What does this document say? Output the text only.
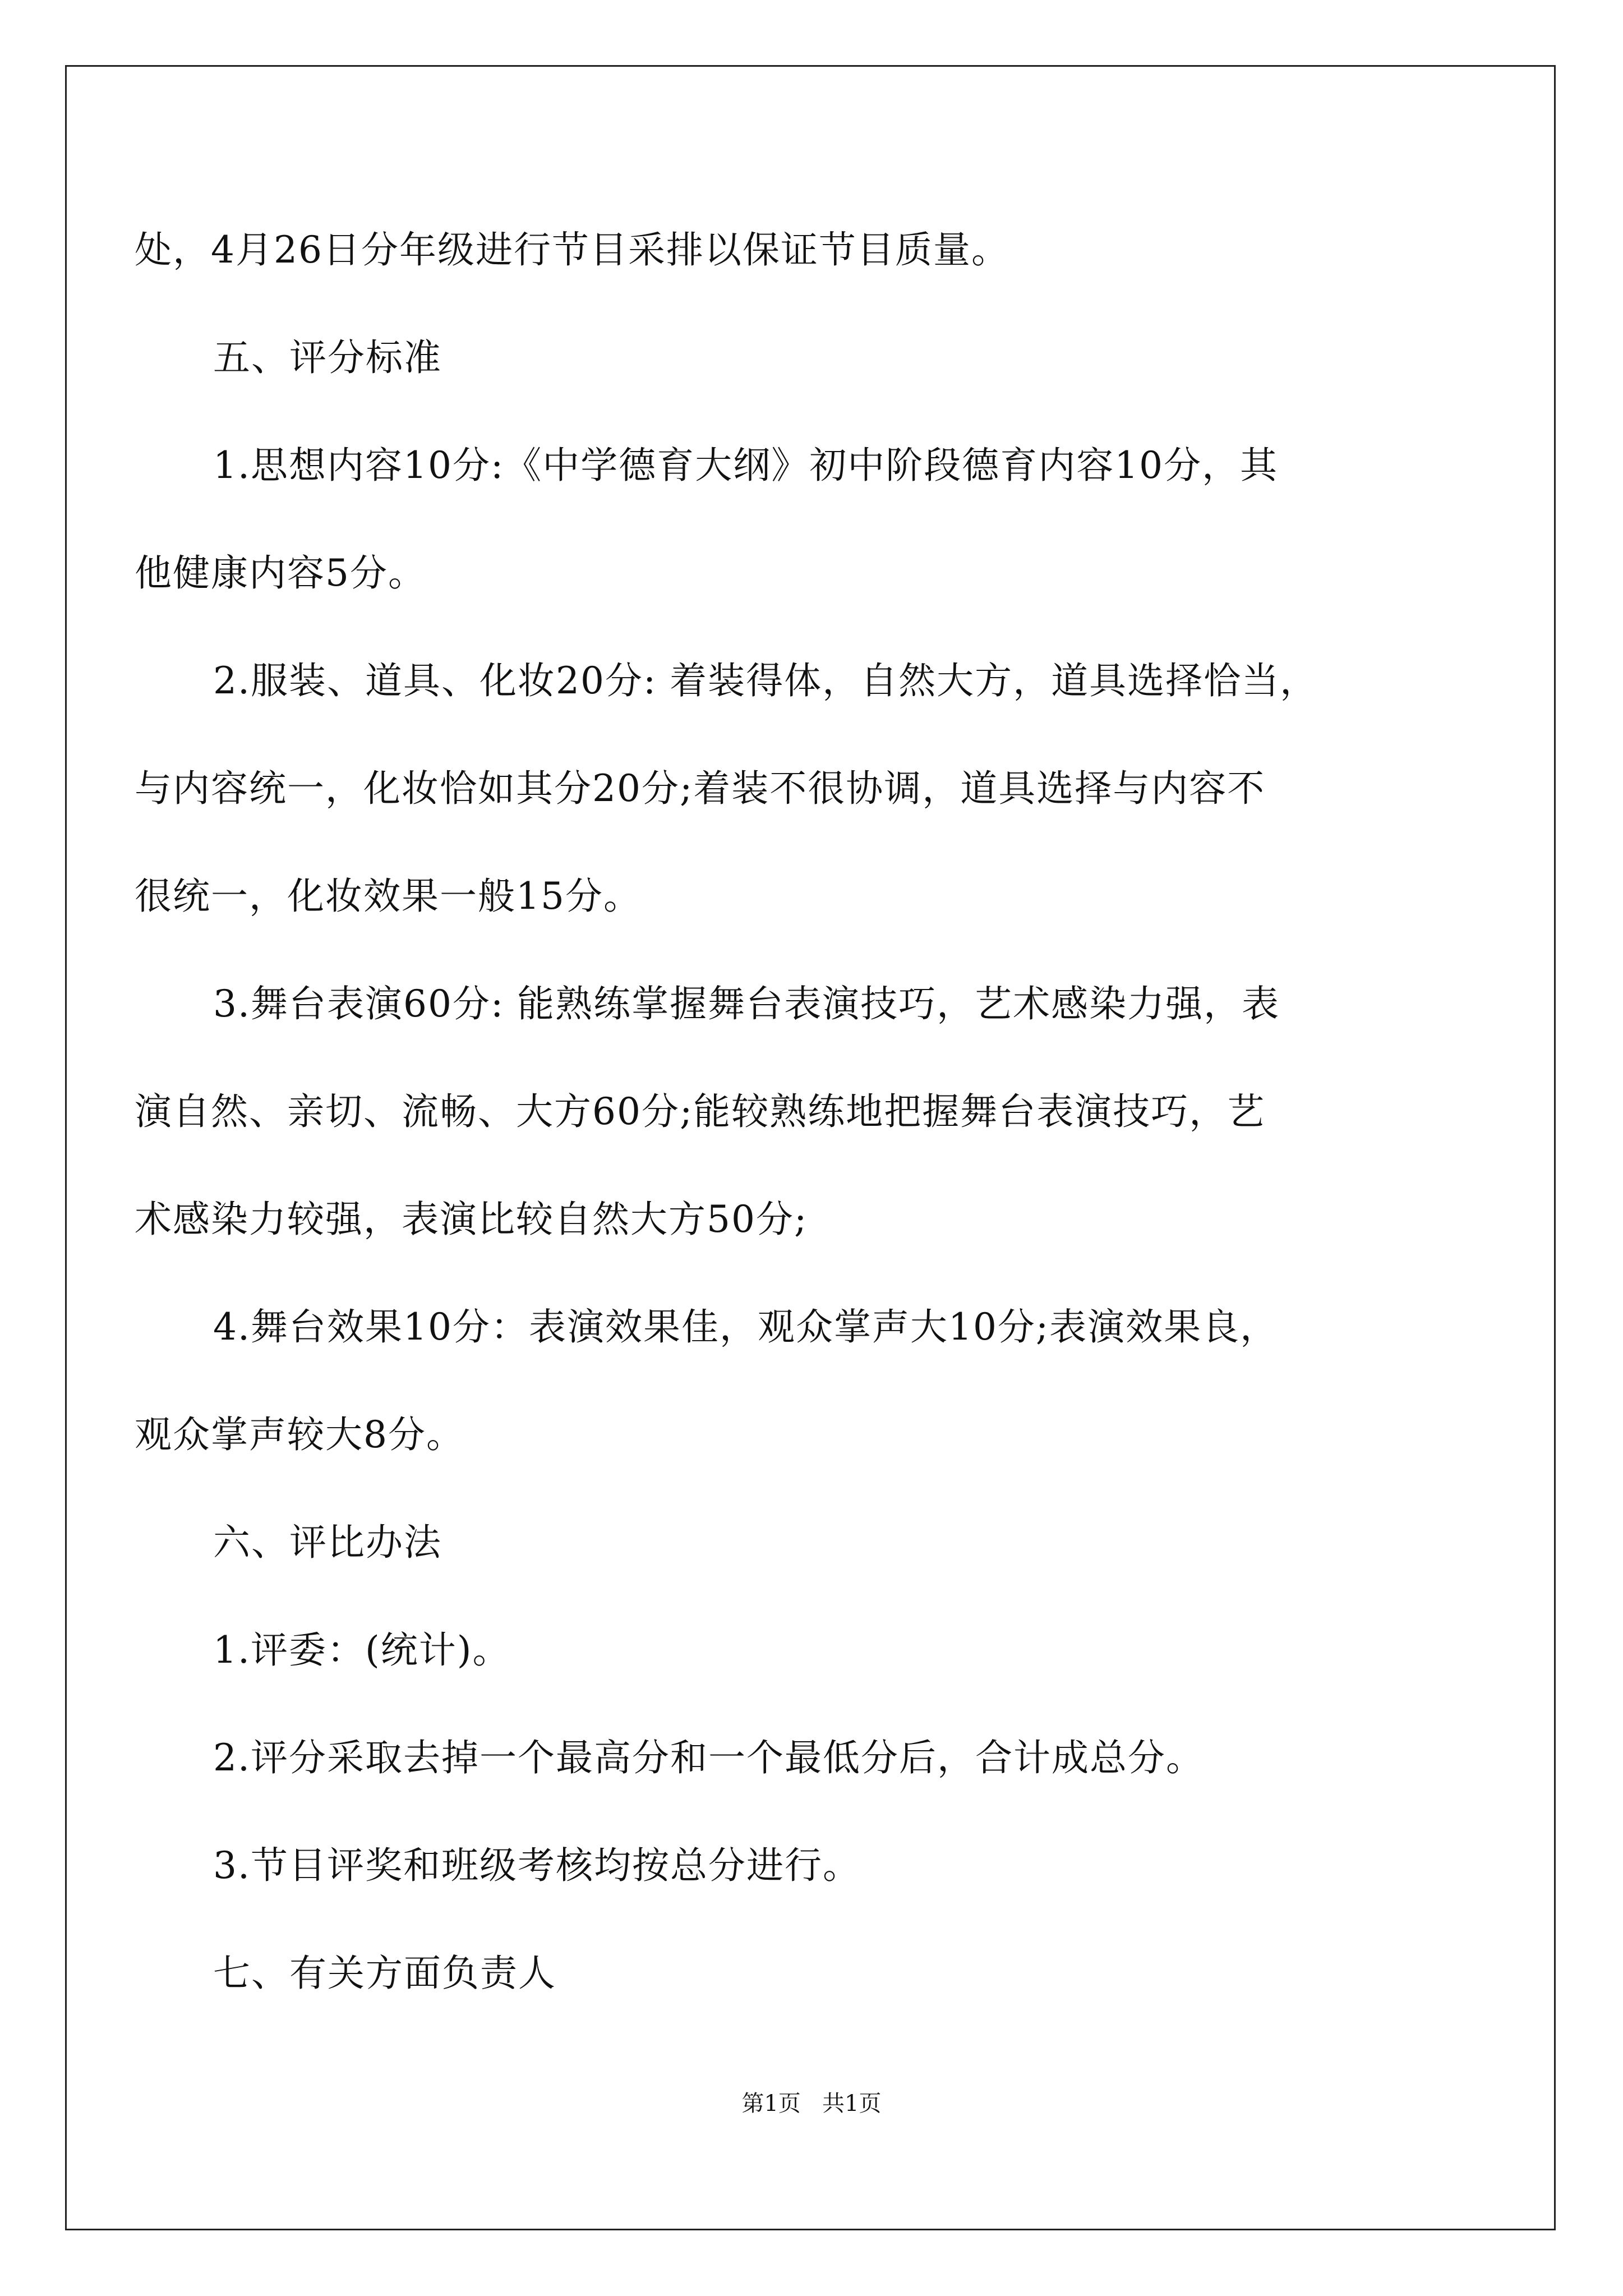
处，4月26日分年级进行节目采排以保证节目质量。
五、评分标准
1.思想内容10分:《中学德育大纲》初中阶段德育内容10分，其
他健康内容5分。
2.服装、道具、化妆20分: 着装得体，自然大方，道具选择恰当，
与内容统一，化妆恰如其分20分;着装不很协调，道具选择与内容不
很统一，化妆效果一般15分。
3.舞台表演60分: 能熟练掌握舞台表演技巧，艺术感染力强，表
演自然、亲切、流畅、大方60分;能较熟练地把握舞台表演技巧，艺
术感染力较强，表演比较自然大方50分;
4.舞台效果10分：表演效果佳，观众掌声大10分;表演效果良，
观众掌声较大8分。
六、评比办法
1.评委：(统计)。
2.评分采取去掉一个最高分和一个最低分后，合计成总分。
3.节目评奖和班级考核均按总分进行。
七、有关方面负责人
第1页   共1页
